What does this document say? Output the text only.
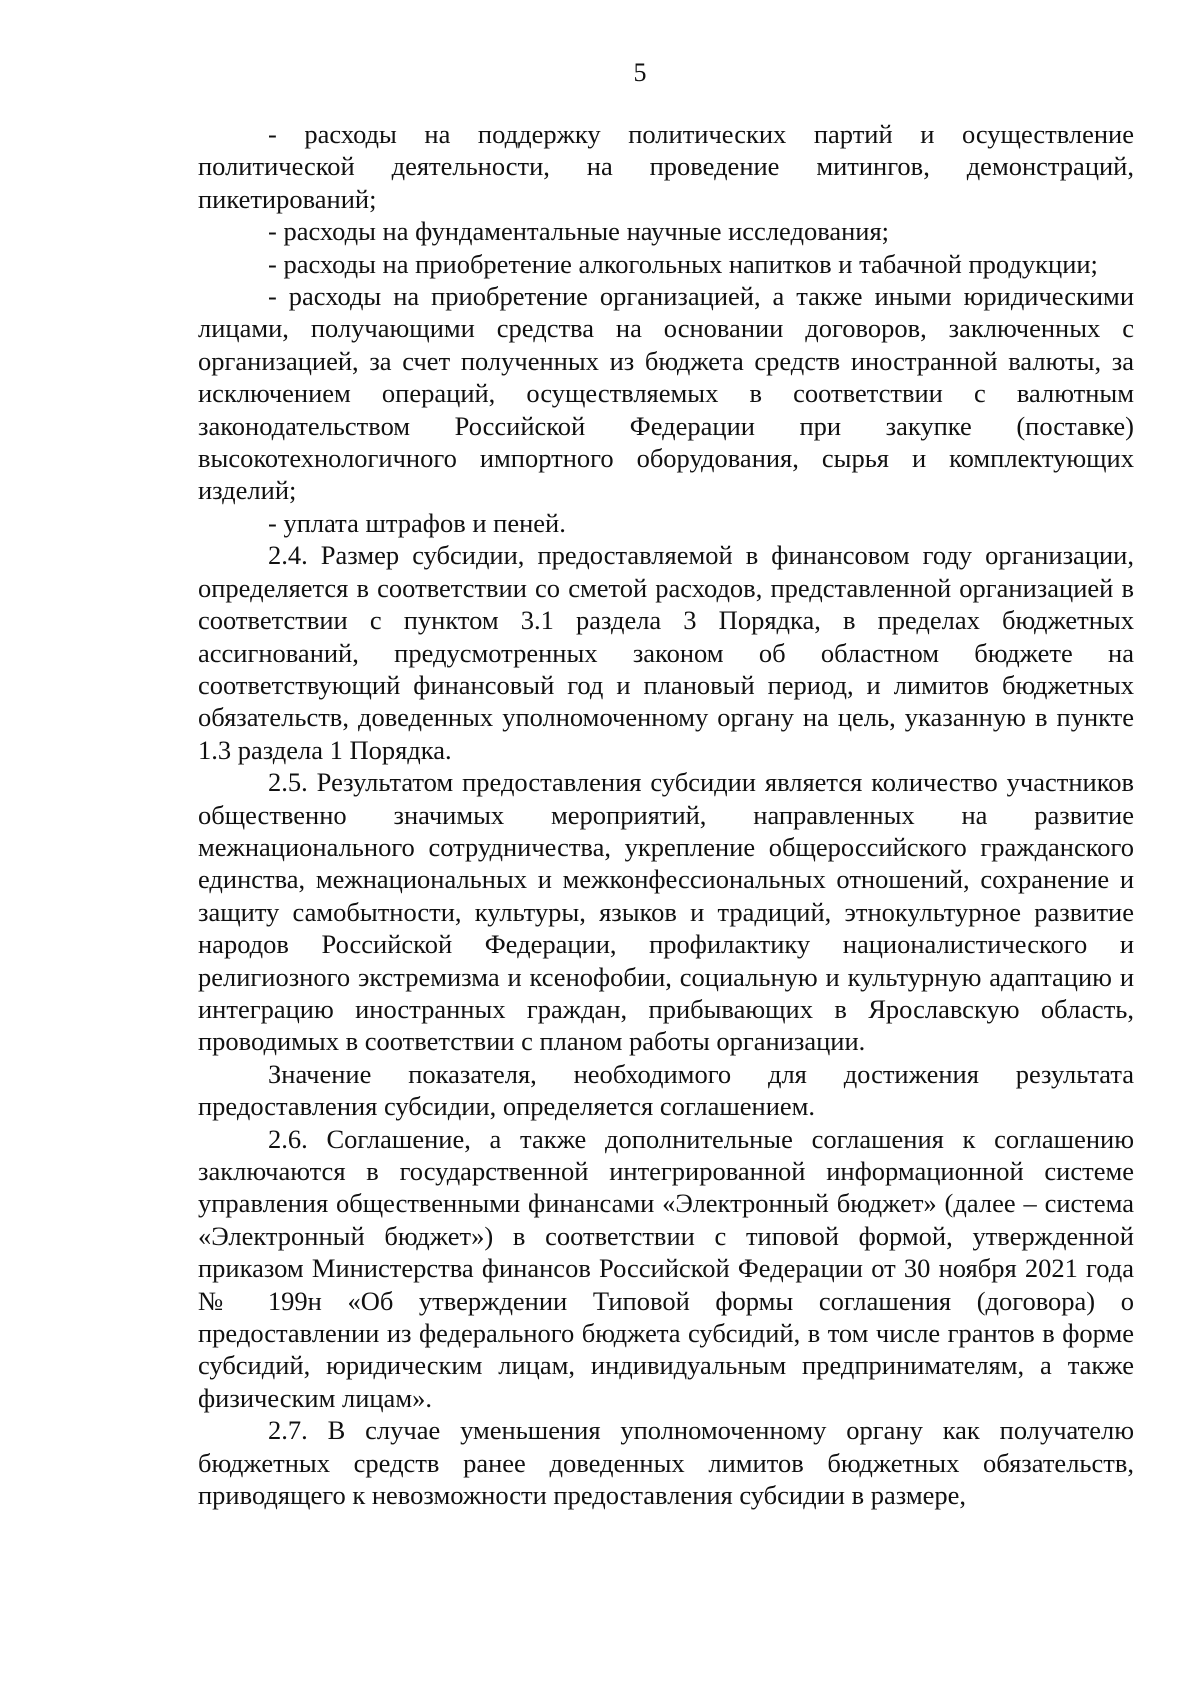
5

- расходы на поддержку политических партий и осуществление политической деятельности, на проведение митингов, демонстраций, пикетирований;

- расходы на фундаментальные научные исследования;

- расходы на приобретение алкогольных напитков и табачной продукции;

- расходы на приобретение организацией, а также иными юридическими лицами, получающими средства на основании договоров, заключенных с организацией, за счет полученных из бюджета средств иностранной валюты, за исключением операций, осуществляемых в соответствии с валютным законодательством Российской Федерации при закупке (поставке) высокотехнологичного импортного оборудования, сырья и комплектующих изделий;

- уплата штрафов и пеней.

2.4. Размер субсидии, предоставляемой в финансовом году организации, определяется в соответствии со сметой расходов, представленной организацией в соответствии с пунктом 3.1 раздела 3 Порядка, в пределах бюджетных ассигнований, предусмотренных законом об областном бюджете на соответствующий финансовый год и плановый период, и лимитов бюджетных обязательств, доведенных уполномоченному органу на цель, указанную в пункте 1.3 раздела 1 Порядка.

2.5. Результатом предоставления субсидии является количество участников общественно значимых мероприятий, направленных на развитие межнационального сотрудничества, укрепление общероссийского гражданского единства, межнациональных и межконфессиональных отношений, сохранение и защиту самобытности, культуры, языков и традиций, этнокультурное развитие народов Российской Федерации, профилактику националистического и религиозного экстремизма и ксенофобии, социальную и культурную адаптацию и интеграцию иностранных граждан, прибывающих в Ярославскую область, проводимых в соответствии с планом работы организации.

Значение показателя, необходимого для достижения результата предоставления субсидии, определяется соглашением.

2.6. Соглашение, а также дополнительные соглашения к соглашению заключаются в государственной интегрированной информационной системе управления общественными финансами «Электронный бюджет» (далее – система «Электронный бюджет») в соответствии с типовой формой, утвержденной приказом Министерства финансов Российской Федерации от 30 ноября 2021 года № 199н «Об утверждении Типовой формы соглашения (договора) о предоставлении из федерального бюджета субсидий, в том числе грантов в форме субсидий, юридическим лицам, индивидуальным предпринимателям, а также физическим лицам».

2.7. В случае уменьшения уполномоченному органу как получателю бюджетных средств ранее доведенных лимитов бюджетных обязательств, приводящего к невозможности предоставления субсидии в размере,
